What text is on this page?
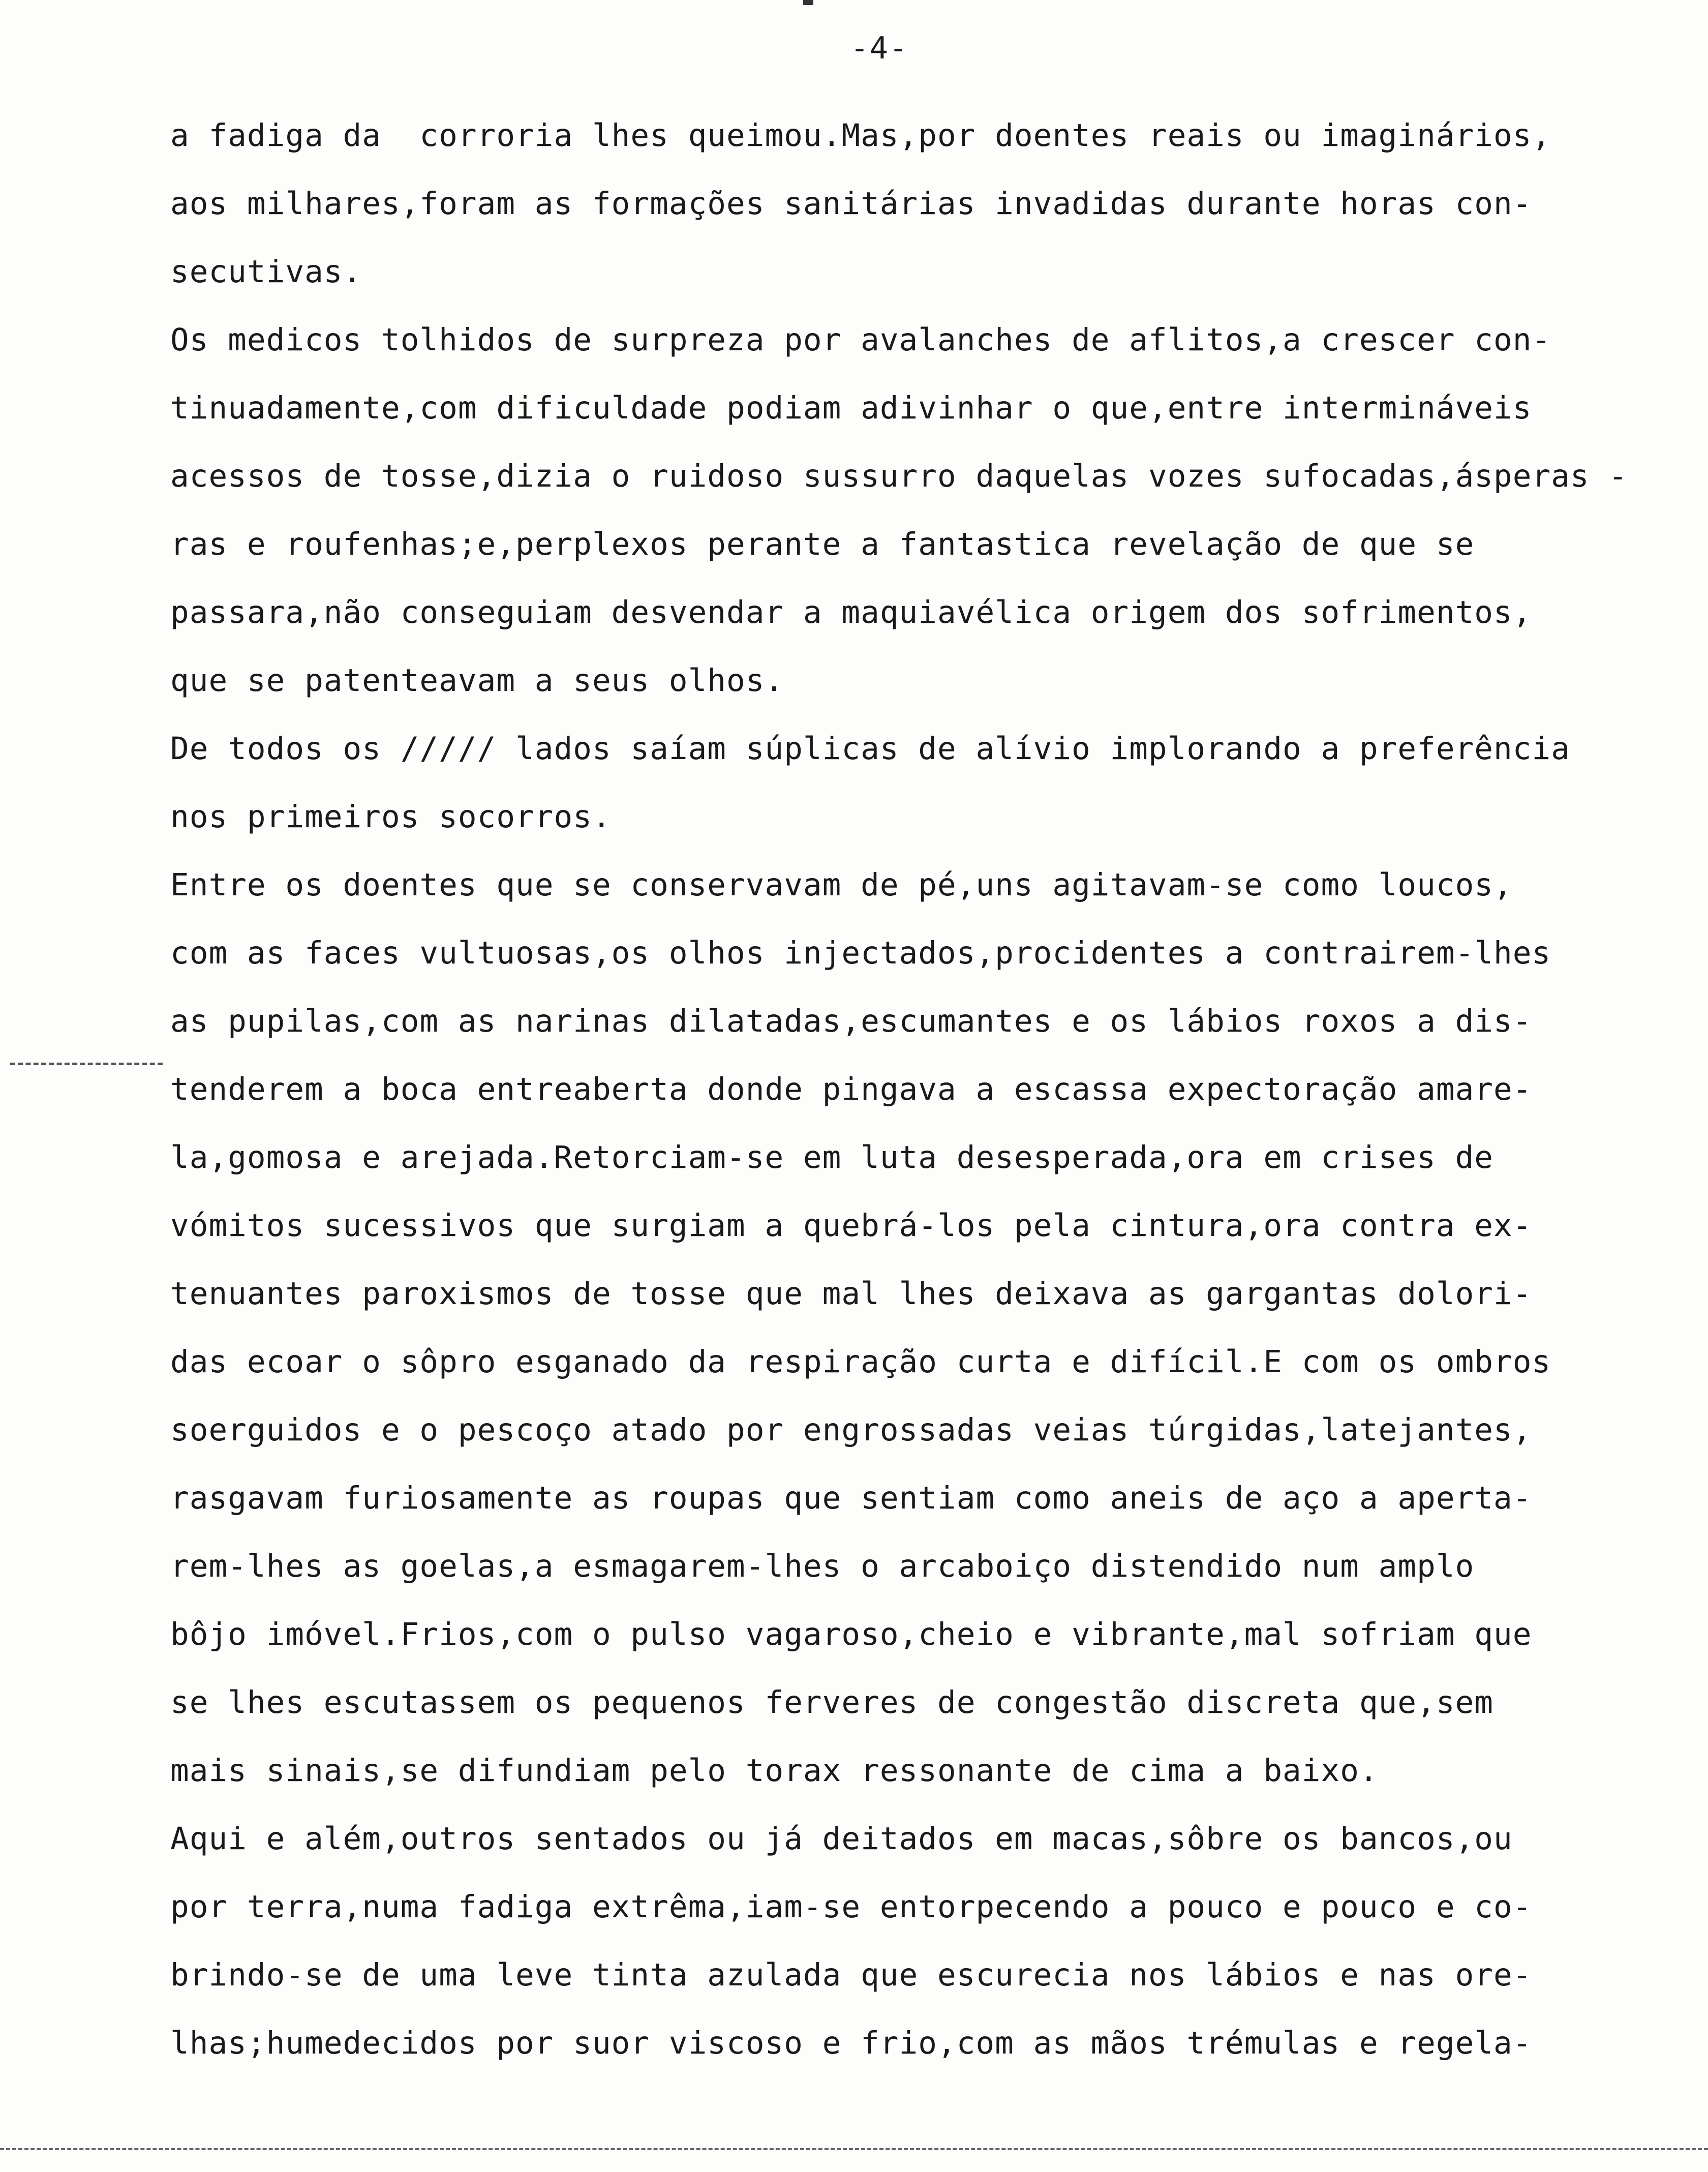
-4-
a fadiga da  corroria lhes queimou.Mas,por doentes reais ou imaginários,
aos milhares,foram as formações sanitárias invadidas durante horas con-
secutivas.
Os medicos tolhidos de surpreza por avalanches de aflitos,a crescer con-
tinuadamente,com dificuldade podiam adivinhar o que,entre intermináveis
acessos de tosse,dizia o ruidoso sussurro daquelas vozes sufocadas,ásperas -
ras e roufenhas;e,perplexos perante a fantastica revelação de que se
passara,não conseguiam desvendar a maquiavélica origem dos sofrimentos,
que se patenteavam a seus olhos.
De todos os ///// lados saíam súplicas de alívio implorando a preferência
nos primeiros socorros.
Entre os doentes que se conservavam de pé,uns agitavam-se como loucos,
com as faces vultuosas,os olhos injectados,procidentes a contrairem-lhes
as pupilas,com as narinas dilatadas,escumantes e os lábios roxos a dis-
tenderem a boca entreaberta donde pingava a escassa expectoração amare-
la,gomosa e arejada.Retorciam-se em luta desesperada,ora em crises de
vómitos sucessivos que surgiam a quebrá-los pela cintura,ora contra ex-
tenuantes paroxismos de tosse que mal lhes deixava as gargantas dolori-
das ecoar o sôpro esganado da respiração curta e difícil.E com os ombros
soerguidos e o pescoço atado por engrossadas veias túrgidas,latejantes,
rasgavam furiosamente as roupas que sentiam como aneis de aço a aperta-
rem-lhes as goelas,a esmagarem-lhes o arcaboiço distendido num amplo
bôjo imóvel.Frios,com o pulso vagaroso,cheio e vibrante,mal sofriam que
se lhes escutassem os pequenos ferveres de congestão discreta que,sem
mais sinais,se difundiam pelo torax ressonante de cima a baixo.
Aqui e além,outros sentados ou já deitados em macas,sôbre os bancos,ou
por terra,numa fadiga extrêma,iam-se entorpecendo a pouco e pouco e co-
brindo-se de uma leve tinta azulada que escurecia nos lábios e nas ore-
lhas;humedecidos por suor viscoso e frio,com as mãos trémulas e regela-
